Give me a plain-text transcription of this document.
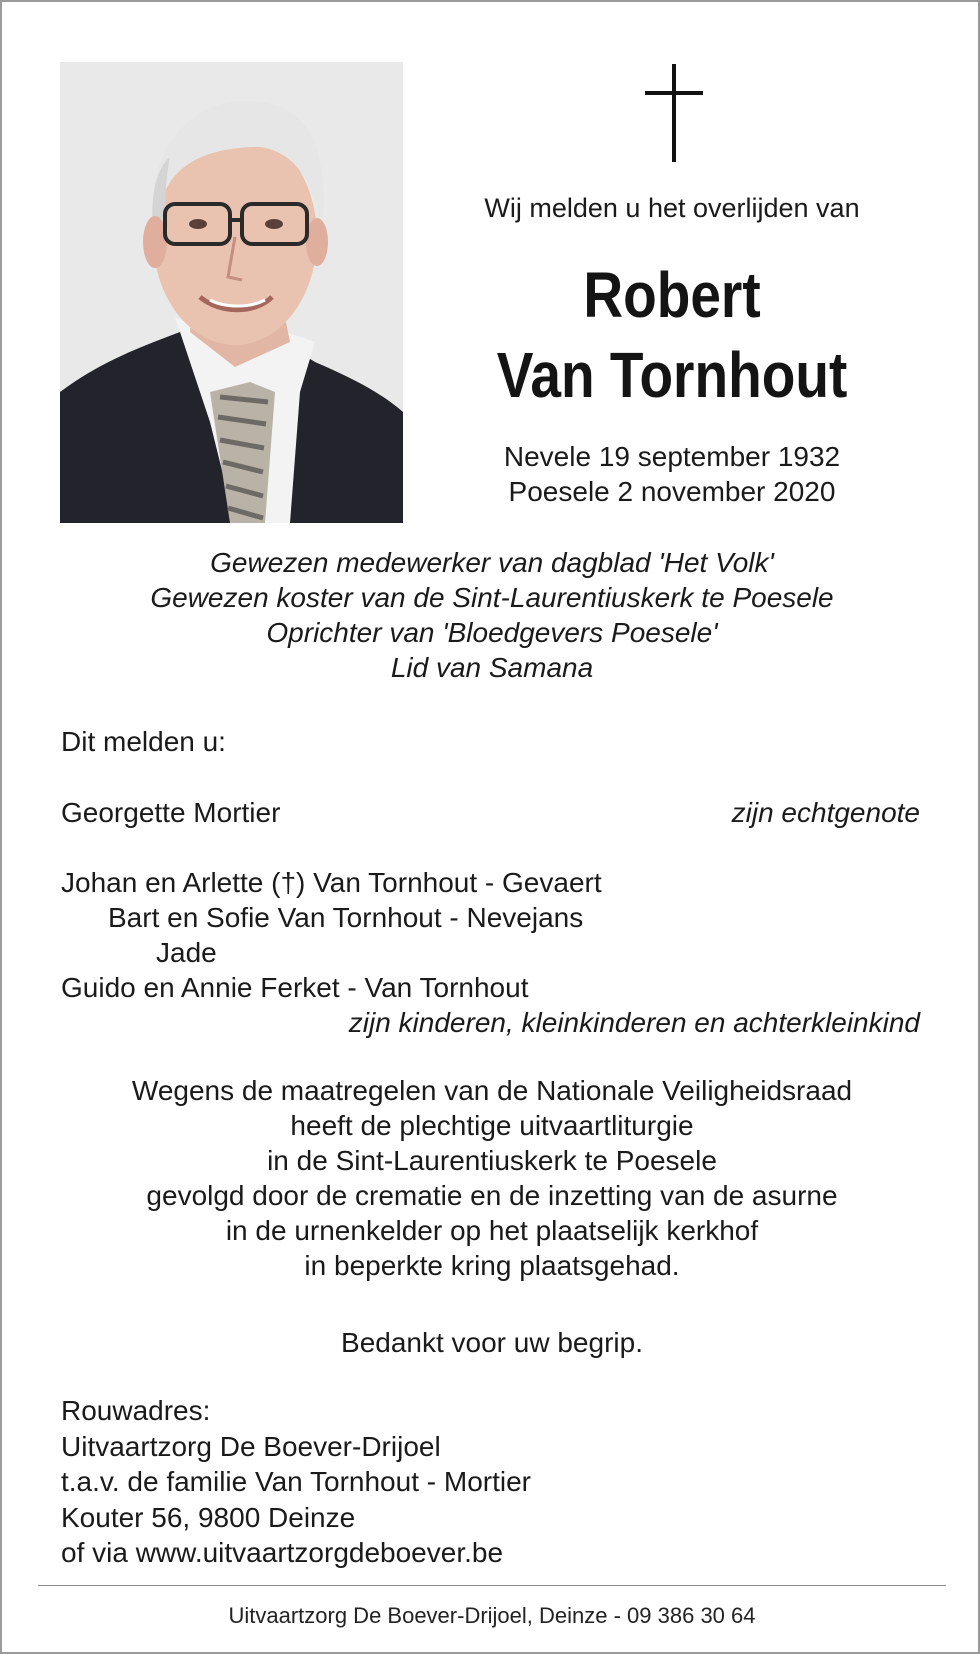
Wij melden u het overlijden van
Robert
Van Tornhout
Nevele 19 september 1932
Poesele 2 november 2020
Gewezen medewerker van dagblad 'Het Volk'
Gewezen koster van de Sint-Laurentiuskerk te Poesele
Oprichter van 'Bloedgevers Poesele'
Lid van Samana
Dit melden u:
Georgette Mortier	zijn echtgenote
Johan en Arlette (†) Van Tornhout - Gevaert
Bart en Sofie Van Tornhout - Nevejans
Jade
Guido en Annie Ferket - Van Tornhout
zijn kinderen, kleinkinderen en achterkleinkind
Wegens de maatregelen van de Nationale Veiligheidsraad
heeft de plechtige uitvaartliturgie
in de Sint-Laurentiuskerk te Poesele
gevolgd door de crematie en de inzetting van de asurne
in de urnenkelder op het plaatselijk kerkhof
in beperkte kring plaatsgehad.
Bedankt voor uw begrip.
Rouwadres:
Uitvaartzorg De Boever-Drijoel
t.a.v. de familie Van Tornhout - Mortier
Kouter 56, 9800 Deinze
of via www.uitvaartzorgdeboever.be
Uitvaartzorg De Boever-Drijoel, Deinze - 09 386 30 64
